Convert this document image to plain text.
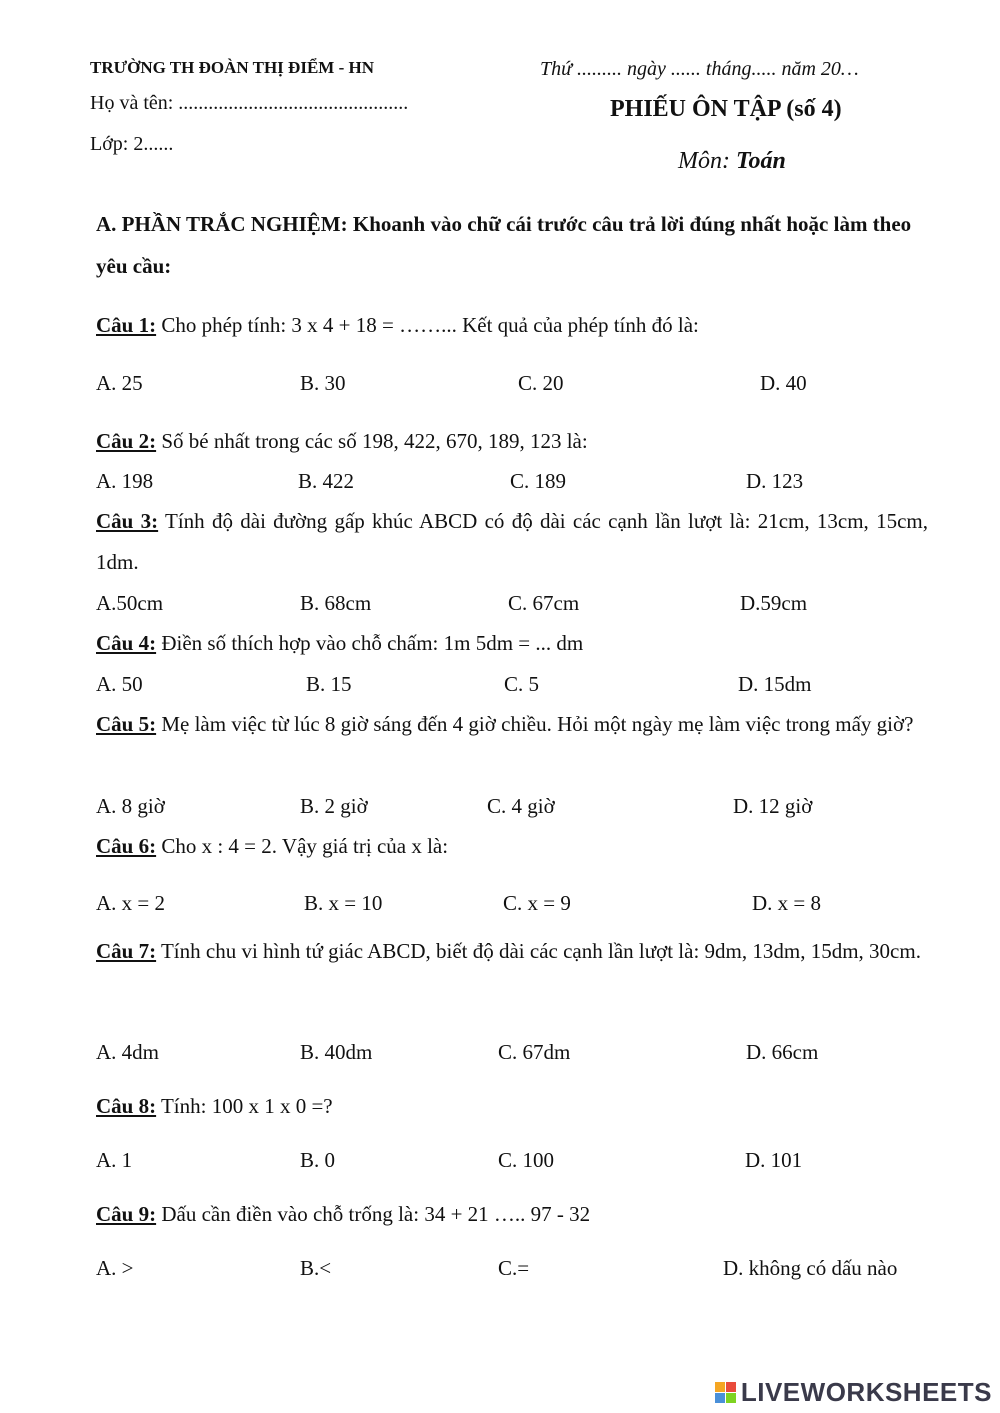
TRƯỜNG TH ĐOÀN THỊ ĐIỂM - HN	Thứ ......... ngày ...... tháng..... năm 20…
Họ và tên: ..............................................	PHIẾU ÔN TẬP (số 4)
Lớp: 2......
Môn: Toán
A. PHẦN TRẮC NGHIỆM: Khoanh vào chữ cái trước câu trả lời đúng nhất hoặc làm theo yêu cầu:
Câu 1: Cho phép tính: 3 x 4 + 18 = ……... Kết quả của phép tính đó là:
A. 25	B. 30	C. 20	D. 40
Câu 2: Số bé nhất trong các số 198, 422, 670, 189, 123 là:
A. 198	B. 422	C. 189	D. 123
Câu 3: Tính độ dài đường gấp khúc ABCD có độ dài các cạnh lần lượt là: 21cm, 13cm, 15cm, 1dm.
A.50cm	B. 68cm	C. 67cm	D.59cm
Câu 4: Điền số thích hợp vào chỗ chấm: 1m 5dm = ... dm
A. 50	B. 15	C. 5	D. 15dm
Câu 5: Mẹ làm việc từ lúc 8 giờ sáng đến 4 giờ chiều. Hỏi một ngày mẹ làm việc trong mấy giờ?
A. 8 giờ	B. 2 giờ	C. 4 giờ	D. 12 giờ
Câu 6: Cho x : 4 = 2. Vậy giá trị của x là:
A. x = 2	B. x = 10	C. x = 9	D. x = 8
Câu 7: Tính chu vi hình tứ giác ABCD, biết độ dài các cạnh lần lượt là: 9dm, 13dm, 15dm, 30cm.
A. 4dm	B. 40dm	C. 67dm	D. 66cm
Câu 8: Tính: 100 x 1 x 0 =?
A. 1	B. 0	C. 100	D. 101
Câu 9: Dấu cần điền vào chỗ trống là: 34 + 21 ….. 97 - 32
A. >	B.<	C.=	D. không có dấu nào
LIVEWORKSHEETS
